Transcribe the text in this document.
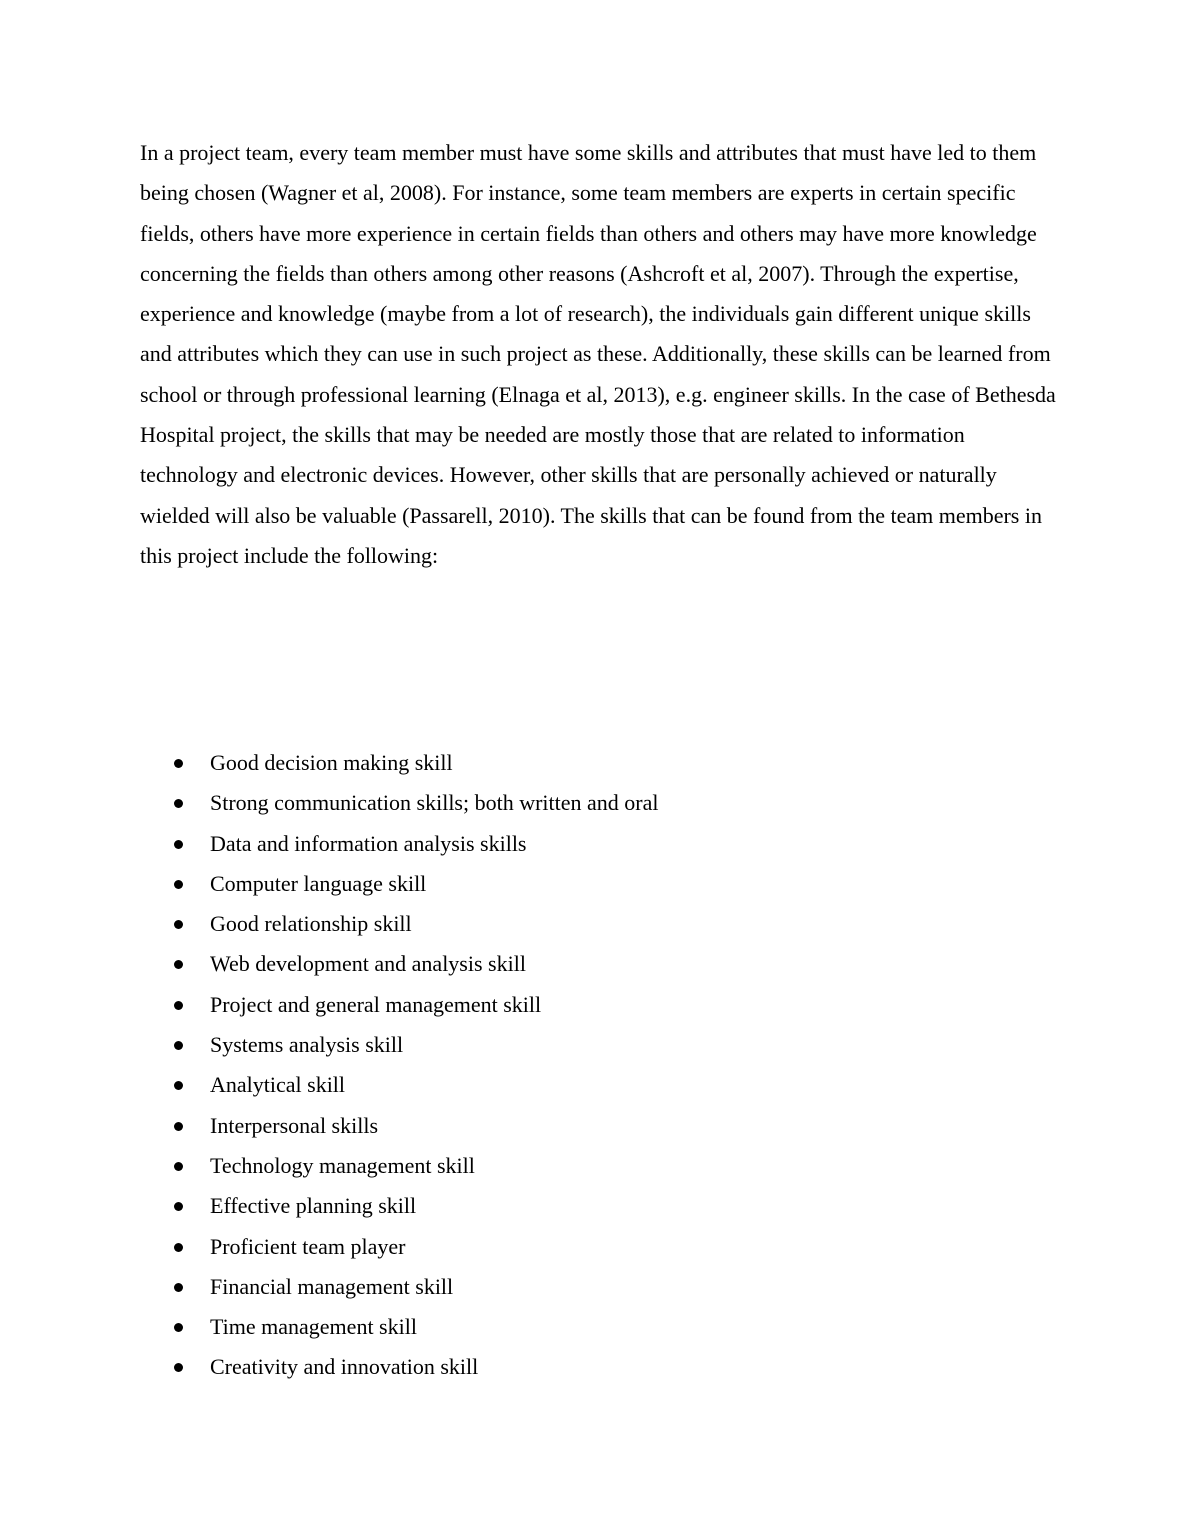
In a project team, every team member must have some skills and attributes that must have led to them being chosen (Wagner et al, 2008). For instance, some team members are experts in certain specific fields, others have more experience in certain fields than others and others may have more knowledge concerning the fields than others among other reasons (Ashcroft et al, 2007). Through the expertise, experience and knowledge (maybe from a lot of research), the individuals gain different unique skills and attributes which they can use in such project as these. Additionally, these skills can be learned from school or through professional learning (Elnaga et al, 2013), e.g. engineer skills. In the case of Bethesda Hospital project, the skills that may be needed are mostly those that are related to information technology and electronic devices. However, other skills that are personally achieved or naturally wielded will also be valuable (Passarell, 2010). The skills that can be found from the team members in this project include the following:

Good decision making skill
Strong communication skills; both written and oral
Data and information analysis skills
Computer language skill
Good relationship skill
Web development and analysis skill
Project and general management skill
Systems analysis skill
Analytical skill
Interpersonal skills
Technology management skill
Effective planning skill
Proficient team player
Financial management skill
Time management skill
Creativity and innovation skill
